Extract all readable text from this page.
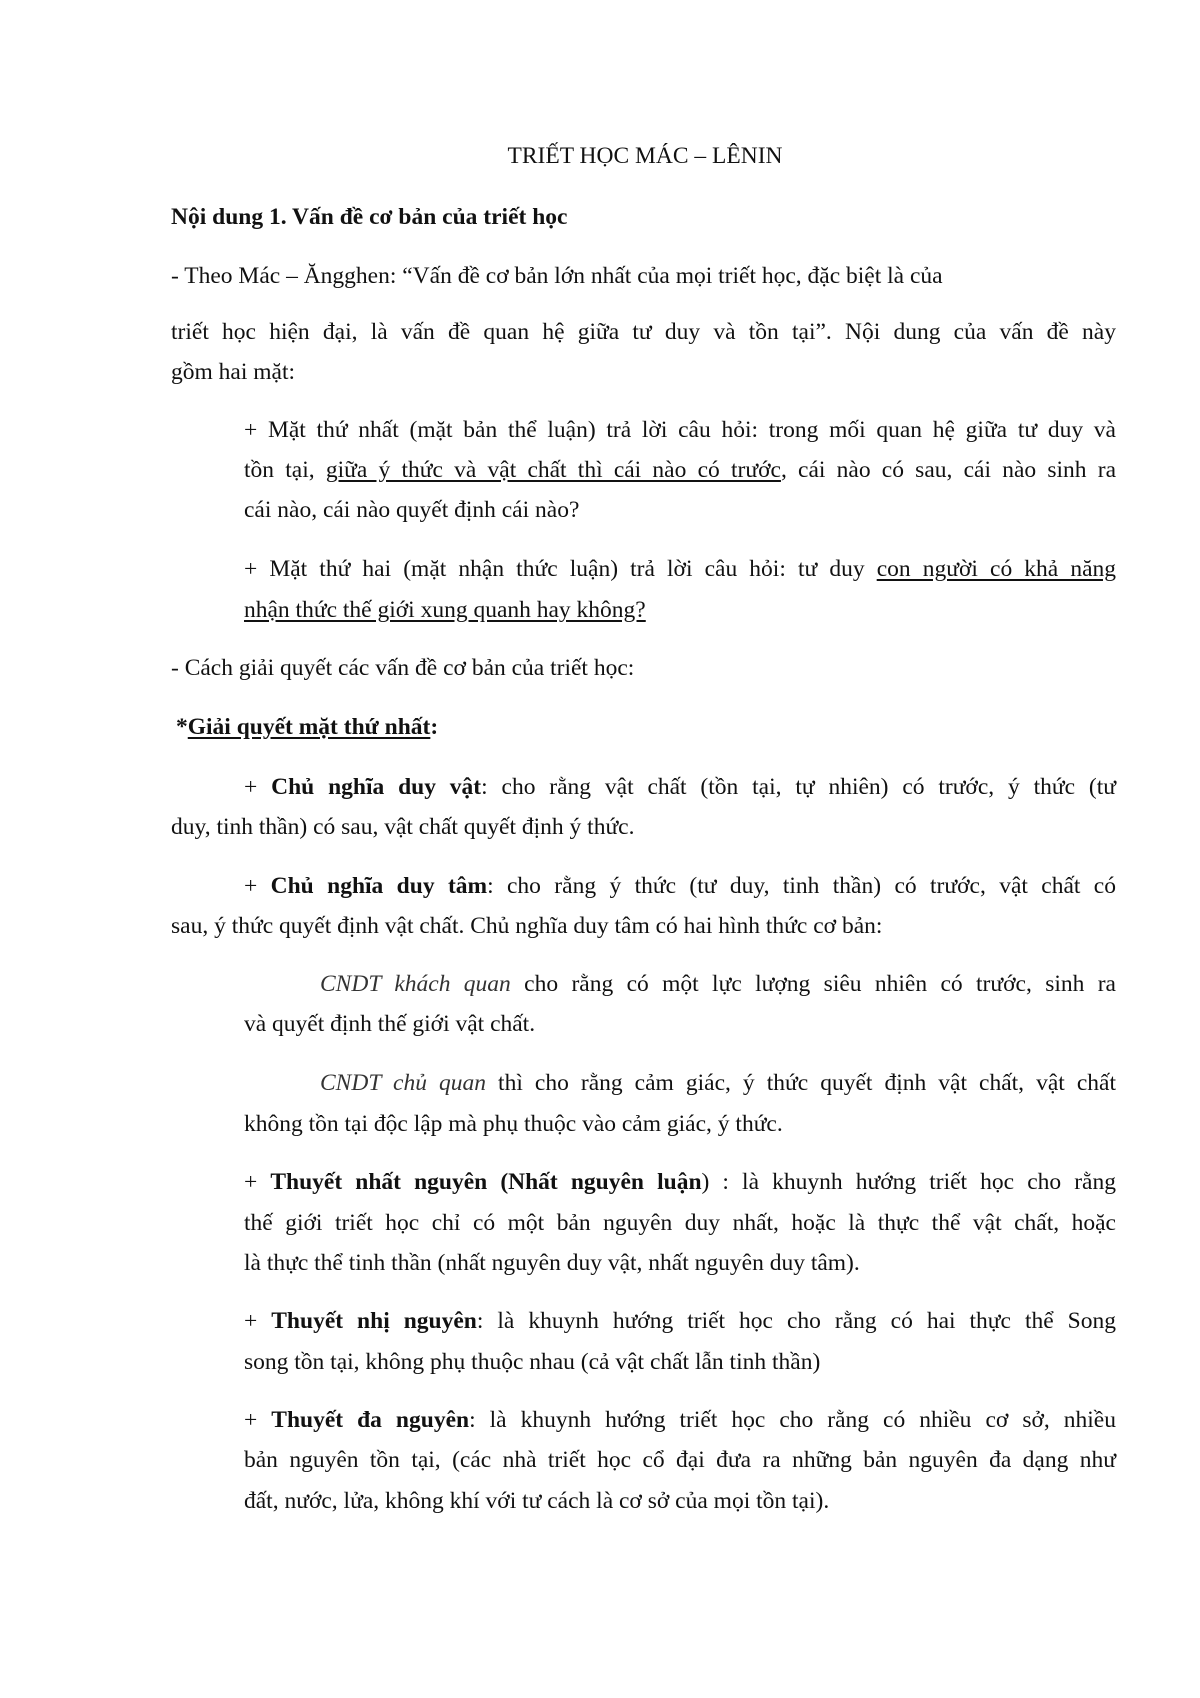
TRIẾT HỌC MÁC – LÊNIN
Nội dung 1. Vấn đề cơ bản của triết học
- Theo Mác – Ăngghen: “Vấn đề cơ bản lớn nhất của mọi triết học, đặc biệt là của
triết học hiện đại, là vấn đề quan hệ giữa tư duy và tồn tại”. Nội dung của vấn đề này
gồm hai mặt:
+ Mặt thứ nhất (mặt bản thể luận) trả lời câu hỏi: trong mối quan hệ giữa tư duy và
tồn tại, giữa ý thức và vật chất thì cái nào có trước, cái nào có sau, cái nào sinh ra
cái nào, cái nào quyết định cái nào?
+ Mặt thứ hai (mặt nhận thức luận) trả lời câu hỏi: tư duy con người có khả năng
nhận thức thế giới xung quanh hay không?
- Cách giải quyết các vấn đề cơ bản của triết học:
*Giải quyết mặt thứ nhất:
+ Chủ nghĩa duy vật: cho rằng vật chất (tồn tại, tự nhiên) có trước, ý thức (tư
duy, tinh thần) có sau, vật chất quyết định ý thức.
+ Chủ nghĩa duy tâm: cho rằng ý thức (tư duy, tinh thần) có trước, vật chất có
sau, ý thức quyết định vật chất. Chủ nghĩa duy tâm có hai hình thức cơ bản:
CNDT khách quan cho rằng có một lực lượng siêu nhiên có trước, sinh ra
và quyết định thế giới vật chất.
CNDT chủ quan thì cho rằng cảm giác, ý thức quyết định vật chất, vật chất
không tồn tại độc lập mà phụ thuộc vào cảm giác, ý thức.
+ Thuyết nhất nguyên (Nhất nguyên luận) : là khuynh hướng triết học cho rằng
thế giới triết học chỉ có một bản nguyên duy nhất, hoặc là thực thể vật chất, hoặc
là thực thể tinh thần (nhất nguyên duy vật, nhất nguyên duy tâm).
+ Thuyết nhị nguyên: là khuynh hướng triết học cho rằng có hai thực thể Song
song tồn tại, không phụ thuộc nhau (cả vật chất lẫn tinh thần)
+ Thuyết đa nguyên: là khuynh hướng triết học cho rằng có nhiều cơ sở, nhiều
bản nguyên tồn tại, (các nhà triết học cổ đại đưa ra những bản nguyên đa dạng như
đất, nước, lửa, không khí với tư cách là cơ sở của mọi tồn tại).
